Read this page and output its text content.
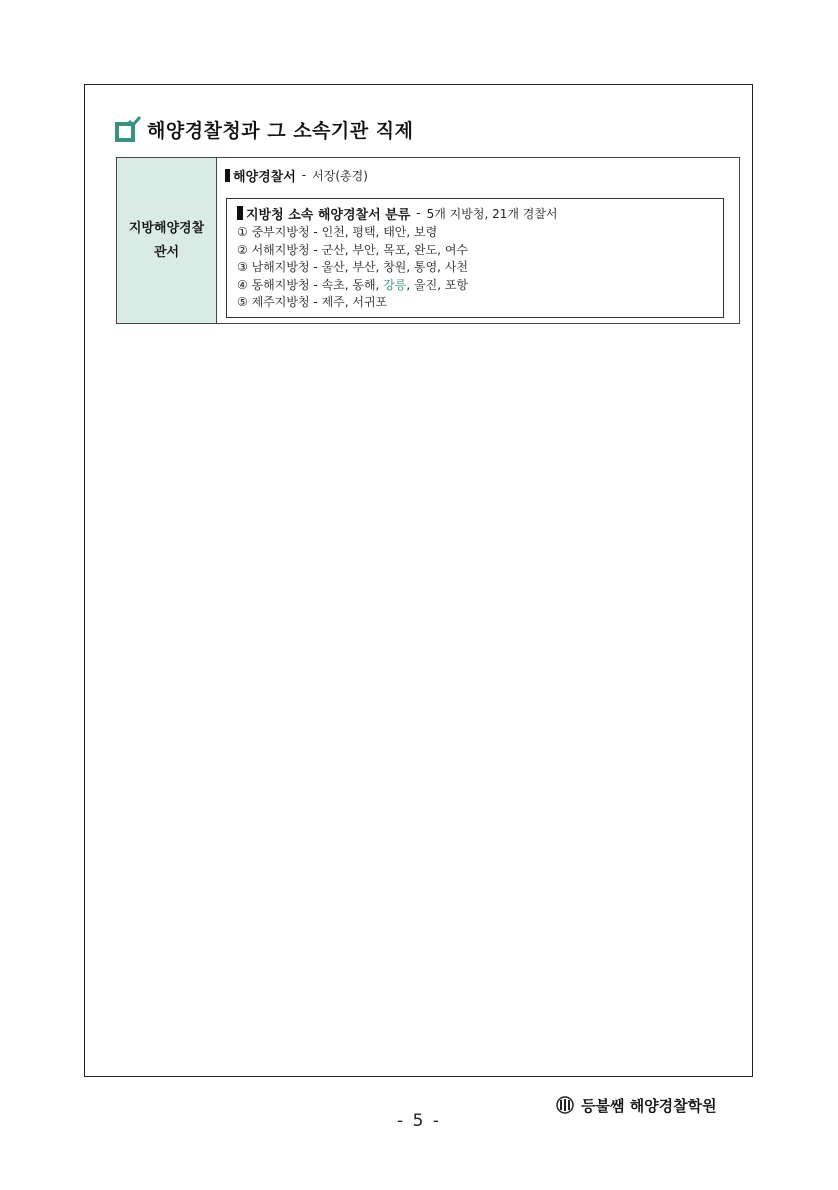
해양경찰청과 그 소속기관 직제
지방해양경찰
관서
해양경찰서 - 서장(총경)
지방청 소속 해양경찰서 분류 - 5개 지방청, 21개 경찰서
① 중부지방청 - 인천, 평택, 태안, 보령
② 서해지방청 - 군산, 부안, 목포, 완도, 여수
③ 남해지방청 - 울산, 부산, 창원, 통영, 사천
④ 동해지방청 - 속초, 동해, 강릉, 울진, 포항
⑤ 제주지방청 - 제주, 서귀포
등불쌤 해양경찰학원
- 5 -
